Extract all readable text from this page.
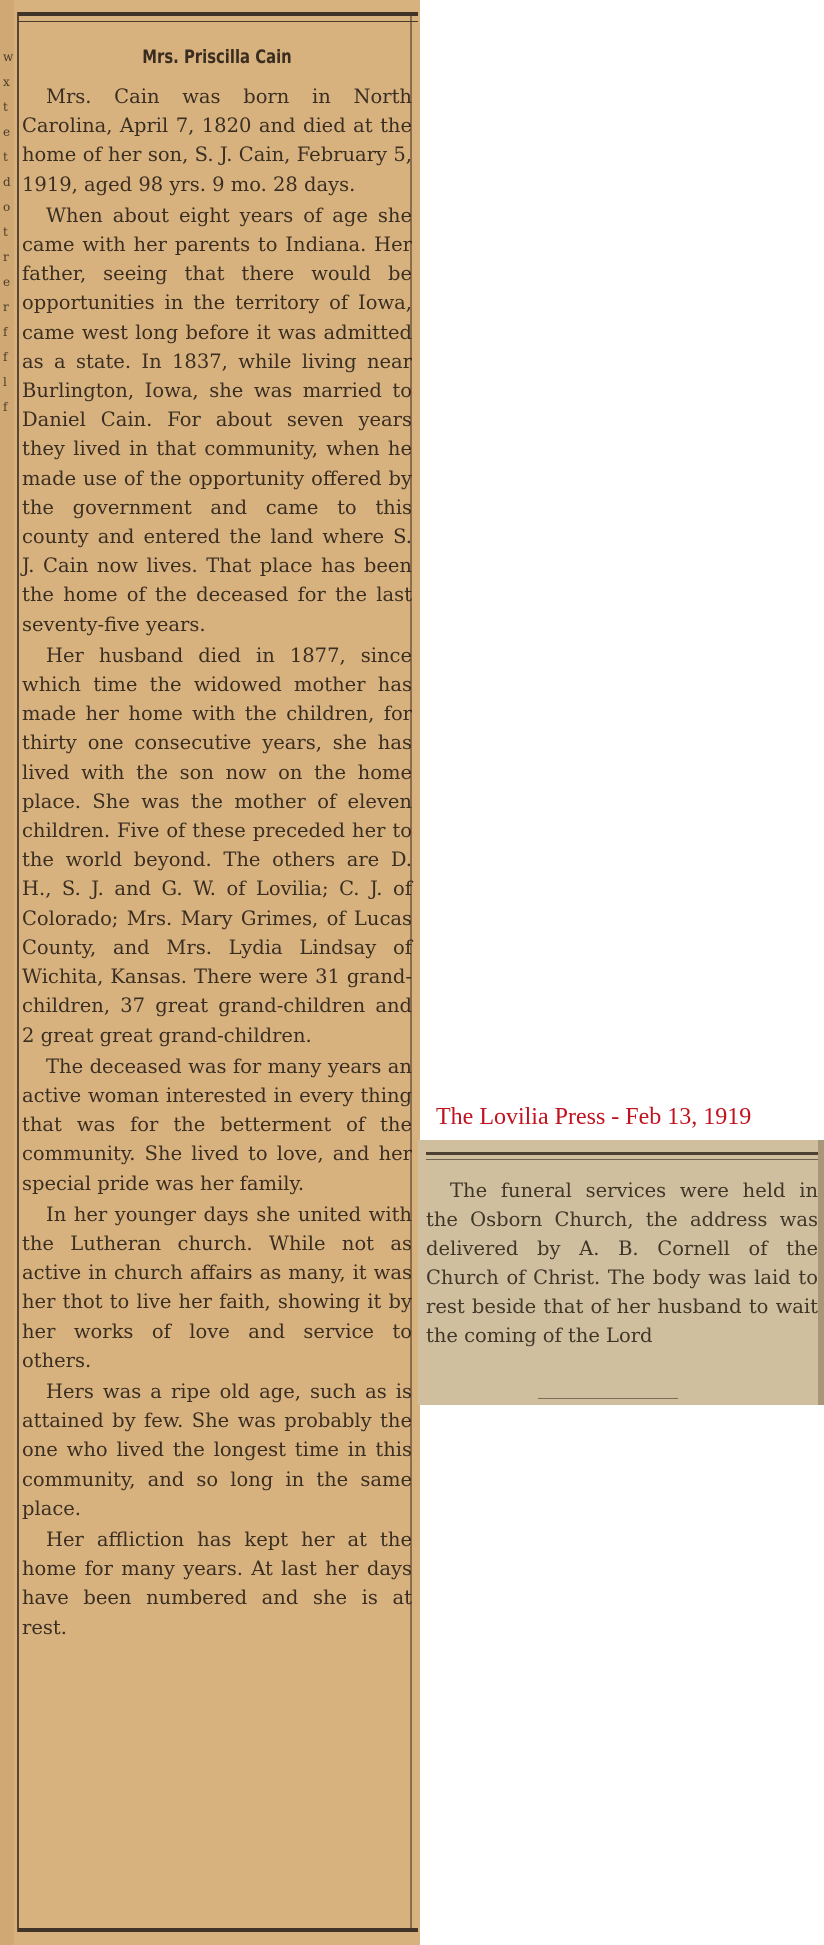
w
x
t
e
t
d
o
t
r
e
r
f
f
l
f
Mrs. Priscilla Cain

Mrs. Cain was born in North Carolina, April 7, 1820 and died at the home of her son, S. J. Cain, February 5, 1919, aged 98 yrs. 9 mo. 28 days.

When about eight years of age she came with her parents to Indiana. Her father, seeing that there would be opportunities in the territory of Iowa, came west long before it was admitted as a state. In 1837, while living near Burlington, Iowa, she was married to Daniel Cain. For about seven years they lived in that community, when he made use of the opportunity offered by the government and came to this county and entered the land where S. J. Cain now lives. That place has been the home of the deceased for the last seventy-five years.

Her husband died in 1877, since which time the widowed mother has made her home with the children, for thirty one consecutive years, she has lived with the son now on the home place. She was the mother of eleven children. Five of these preceded her to the world beyond. The others are D. H., S. J. and G. W. of Lovilia; C. J. of Colorado; Mrs. Mary Grimes, of Lucas County, and Mrs. Lydia Lindsay of Wichita, Kansas. There were 31 grand-children, 37 great grand-children and 2 great great grand-children.

The deceased was for many years an active woman interested in every thing that was for the betterment of the community. She lived to love, and her special pride was her family.

In her younger days she united with the Lutheran church. While not as active in church affairs as many, it was her thot to live her faith, showing it by her works of love and service to others.

Hers was a ripe old age, such as is attained by few. She was probably the one who lived the longest time in this community, and so long in the same place.

Her affliction has kept her at the home for many years. At last her days have been numbered and she is at rest.

The Lovilia Press - Feb 13, 1919

The funeral services were held in the Osborn Church, the address was delivered by A. B. Cornell of the Church of Christ. The body was laid to rest beside that of her husband to wait the coming of the Lord
